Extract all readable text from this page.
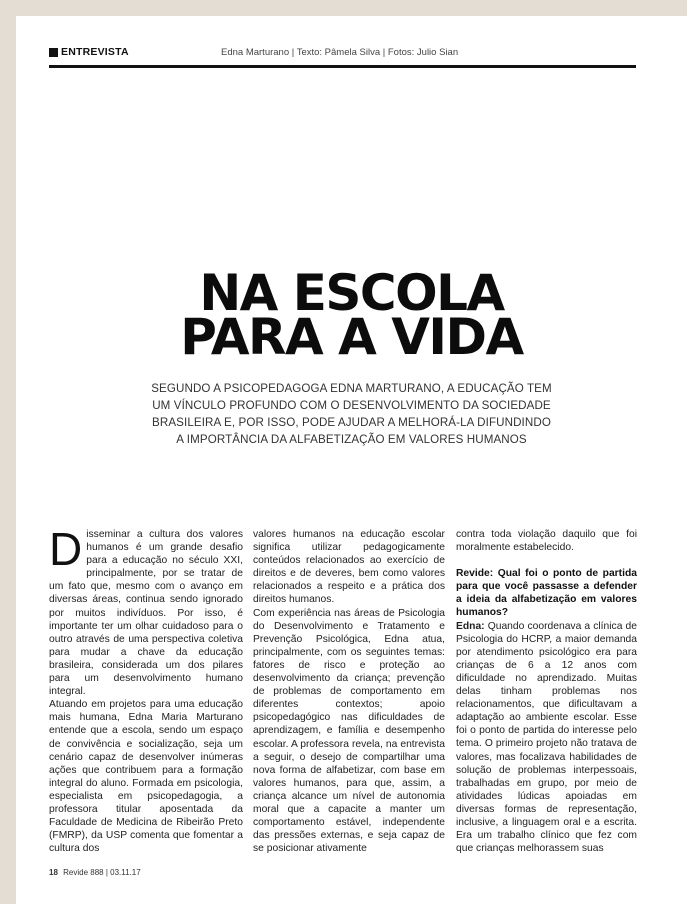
ENTREVISTA	Edna Marturano | Texto: Pâmela Silva | Fotos: Julio Sian
NA ESCOLA
PARA A VIDA
SEGUNDO A PSICOPEDAGOGA EDNA MARTURANO, A EDUCAÇÃO TEM
UM VÍNCULO PROFUNDO COM O DESENVOLVIMENTO DA SOCIEDADE
BRASILEIRA E, POR ISSO, PODE AJUDAR A MELHORÁ-LA DIFUNDINDO
A IMPORTÂNCIA DA ALFABETIZAÇÃO EM VALORES HUMANOS

Disseminar a cultura dos valores humanos é um grande desafio para a educação no século XXI, principalmente, por se tratar de um fato que, mesmo com o avanço em diversas áreas, continua sendo ignorado por muitos indivíduos. Por isso, é importante ter um olhar cuidadoso para o outro através de uma perspectiva coletiva para mudar a chave da educação brasileira, considerada um dos pilares para um desenvolvimento humano integral.

Atuando em projetos para uma educação mais humana, Edna Maria Marturano entende que a escola, sendo um espaço de convivência e socialização, seja um cenário capaz de desenvolver inúmeras ações que contribuem para a formação integral do aluno. Formada em psicologia, especialista em psicopedagogia, a professora titular aposentada da Faculdade de Medicina de Ribeirão Preto (FMRP), da USP comenta que fomentar a cultura dos

valores humanos na educação escolar significa utilizar pedagogicamente conteúdos relacionados ao exercício de direitos e de deveres, bem como valores relacionados a respeito e a prática dos direitos humanos.

Com experiência nas áreas de Psicologia do Desenvolvimento e Tratamento e Prevenção Psicológica, Edna atua, principalmente, com os seguintes temas: fatores de risco e proteção ao desenvolvimento da criança; prevenção de problemas de comportamento em diferentes contextos; apoio psicopedagógico nas dificuldades de aprendizagem, e família e desempenho escolar. A professora revela, na entrevista a seguir, o desejo de compartilhar uma nova forma de alfabetizar, com base em valores humanos, para que, assim, a criança alcance um nível de autonomia moral que a capacite a manter um comportamento estável, independente das pressões externas, e seja capaz de se posicionar ativamente

contra toda violação daquilo que foi moralmente estabelecido.

Revide: Qual foi o ponto de partida para que você passasse a defender a ideia da alfabetização em valores humanos?

Edna: Quando coordenava a clínica de Psicologia do HCRP, a maior demanda por atendimento psicológico era para crianças de 6 a 12 anos com dificuldade no aprendizado. Muitas delas tinham problemas nos relacionamentos, que dificultavam a adaptação ao ambiente escolar. Esse foi o ponto de partida do interesse pelo tema. O primeiro projeto não tratava de valores, mas focalizava habilidades de solução de problemas interpessoais, trabalhadas em grupo, por meio de atividades lúdicas apoiadas em diversas formas de representação, inclusive, a linguagem oral e a escrita. Era um trabalho clínico que fez com que crianças melhorassem suas

18 Revide 888 | 03.11.17
